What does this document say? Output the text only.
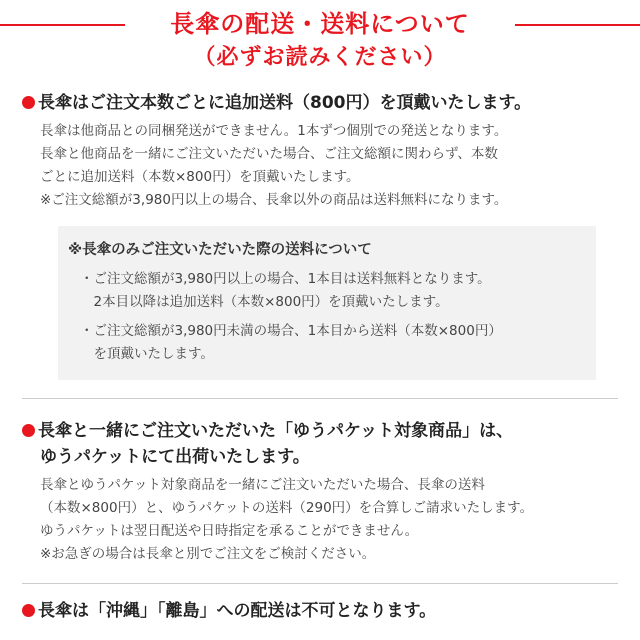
長傘の配送・送料について
（必ずお読みください）
長傘はご注文本数ごとに追加送料（800円）を頂戴いたします。
長傘は他商品との同梱発送ができません。1本ずつ個別での発送となります。
長傘と他商品を一緒にご注文いただいた場合、ご注文総額に関わらず、本数
ごとに追加送料（本数×800円）を頂戴いたします。
※ご注文総額が3,980円以上の場合、長傘以外の商品は送料無料になります。
※長傘のみご注文いただいた際の送料について
・ご注文総額が3,980円以上の場合、1本目は送料無料となります。
　2本目以降は追加送料（本数×800円）を頂戴いたします。
・ご注文総額が3,980円未満の場合、1本目から送料（本数×800円）
　を頂戴いたします。
長傘と一緒にご注文いただいた「ゆうパケット対象商品」は、
ゆうパケットにて出荷いたします。
長傘とゆうパケット対象商品を一緒にご注文いただいた場合、長傘の送料
（本数×800円）と、ゆうパケットの送料（290円）を合算しご請求いたします。
ゆうパケットは翌日配送や日時指定を承ることができません。
※お急ぎの場合は長傘と別でご注文をご検討ください。
長傘は「沖縄」「離島」への配送は不可となります。
